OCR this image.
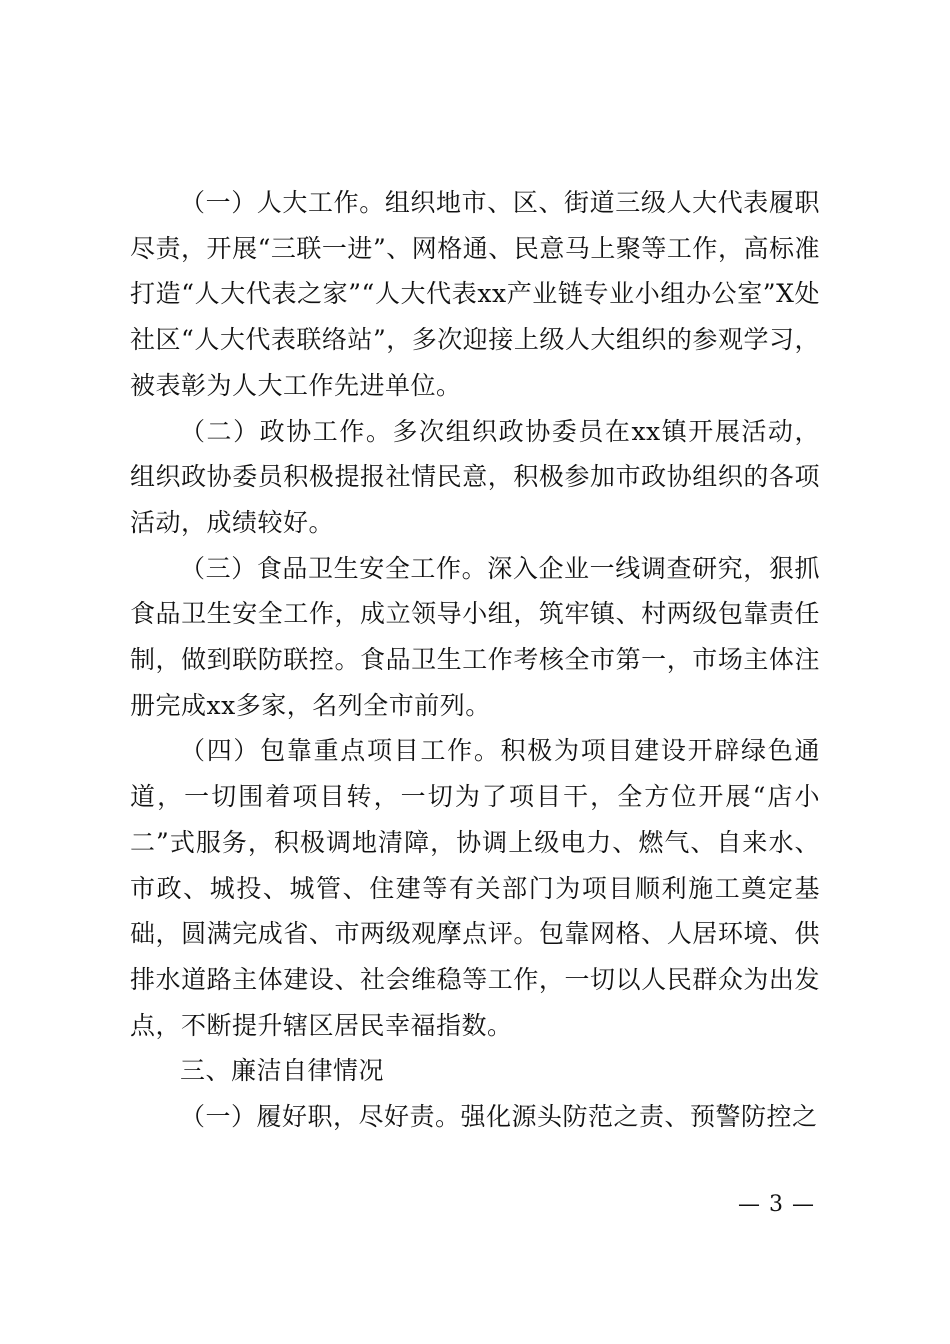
（一）人大工作。组织地市、区、街道三级人大代表履职尽责，开展“三联一进”、网格通、民意马上聚等工作，高标准打造“人大代表之家”“人大代表xx产业链专业小组办公室”X处社区“人大代表联络站”，多次迎接上级人大组织的参观学习，被表彰为人大工作先进单位。

（二）政协工作。多次组织政协委员在xx镇开展活动，组织政协委员积极提报社情民意，积极参加市政协组织的各项活动，成绩较好。

（三）食品卫生安全工作。深入企业一线调查研究，狠抓食品卫生安全工作，成立领导小组，筑牢镇、村两级包靠责任制，做到联防联控。食品卫生工作考核全市第一，市场主体注册完成xx多家，名列全市前列。

（四）包靠重点项目工作。积极为项目建设开辟绿色通道，一切围着项目转，一切为了项目干，全方位开展“店小二”式服务，积极调地清障，协调上级电力、燃气、自来水、市政、城投、城管、住建等有关部门为项目顺利施工奠定基础，圆满完成省、市两级观摩点评。包靠网格、人居环境、供排水道路主体建设、社会维稳等工作，一切以人民群众为出发点，不断提升辖区居民幸福指数。

三、廉洁自律情况

（一）履好职，尽好责。强化源头防范之责、预警防控之

— 3 —
